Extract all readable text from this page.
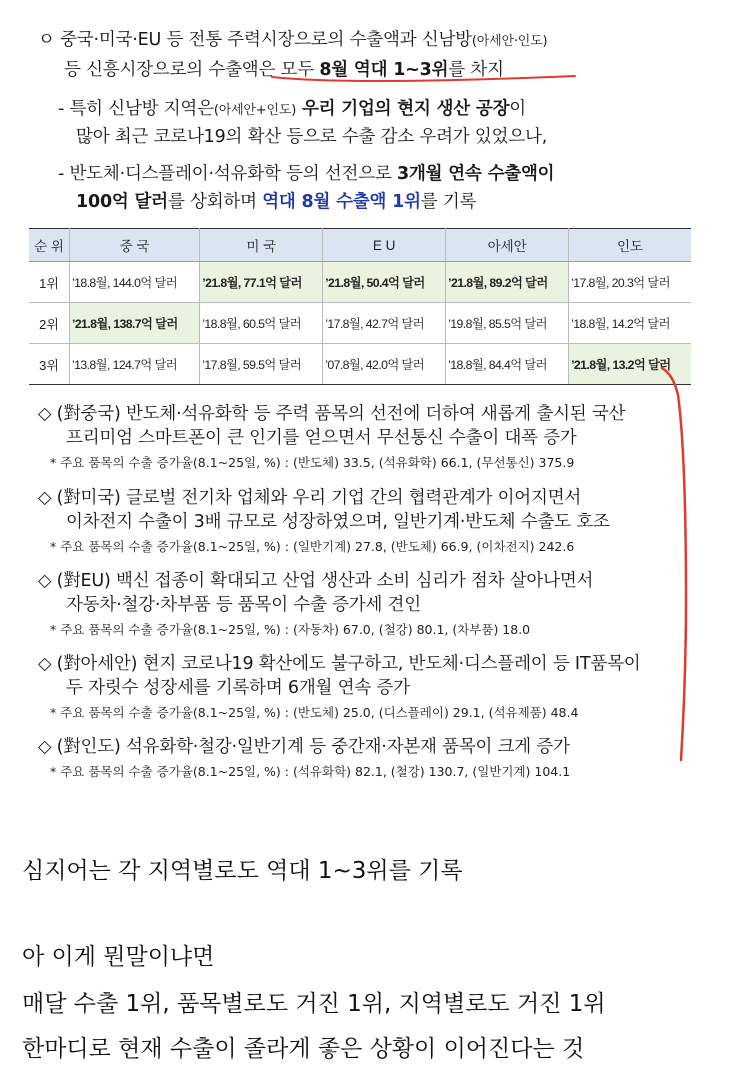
ㅇ 중국·미국·EU 등 전통 주력시장으로의 수출액과 신남방(아세안·인도)
등 신흥시장으로의 수출액은 모두 8월 역대 1~3위를 차지
- 특히 신남방 지역은(아세안+인도) 우리 기업의 현지 생산 공장이
많아 최근 코로나19의 확산 등으로 수출 감소 우려가 있었으나,
- 반도체·디스플레이·석유화학 등의 선전으로 3개월 연속 수출액이
100억 달러를 상회하며 역대 8월 수출액 1위를 기록
순 위	중 국	미 국	E U	아세안	인도
1위	’18.8월, 144.0억 달러	’21.8월, 77.1억 달러	’21.8월, 50.4억 달러	’21.8월, 89.2억 달러	’17.8월, 20.3억 달러
2위	’21.8월, 138.7억 달러	’18.8월, 60.5억 달러	’17.8월, 42.7억 달러	’19.8월, 85.5억 달러	’18.8월, 14.2억 달러
3위	’13.8월, 124.7억 달러	’17.8월, 59.5억 달러	’07.8월, 42.0억 달러	’18.8월, 84.4억 달러	’21.8월, 13.2억 달러
◇ (對중국) 반도체·석유화학 등 주력 품목의 선전에 더하여 새롭게 출시된 국산
프리미엄 스마트폰이 큰 인기를 얻으면서 무선통신 수출이 대폭 증가
* 주요 품목의 수출 증가율(8.1~25일, %) : (반도체) 33.5, (석유화학) 66.1, (무선통신) 375.9
◇ (對미국) 글로벌 전기차 업체와 우리 기업 간의 협력관계가 이어지면서
이차전지 수출이 3배 규모로 성장하였으며, 일반기계·반도체 수출도 호조
* 주요 품목의 수출 증가율(8.1~25일, %) : (일반기계) 27.8, (반도체) 66.9, (이차전지) 242.6
◇ (對EU) 백신 접종이 확대되고 산업 생산과 소비 심리가 점차 살아나면서
자동차·철강·차부품 등 품목이 수출 증가세 견인
* 주요 품목의 수출 증가율(8.1~25일, %) : (자동차) 67.0, (철강) 80.1, (차부품) 18.0
◇ (對아세안) 현지 코로나19 확산에도 불구하고, 반도체·디스플레이 등 IT품목이
두 자릿수 성장세를 기록하며 6개월 연속 증가
* 주요 품목의 수출 증가율(8.1~25일, %) : (반도체) 25.0, (디스플레이) 29.1, (석유제품) 48.4
◇ (對인도) 석유화학·철강·일반기계 등 중간재·자본재 품목이 크게 증가
* 주요 품목의 수출 증가율(8.1~25일, %) : (석유화학) 82.1, (철강) 130.7, (일반기계) 104.1
심지어는 각 지역별로도 역대 1~3위를 기록
아 이게 뭔말이냐면
매달 수출 1위, 품목별로도 거진 1위, 지역별로도 거진 1위
한마디로 현재 수출이 졸라게 좋은 상황이 이어진다는 것
